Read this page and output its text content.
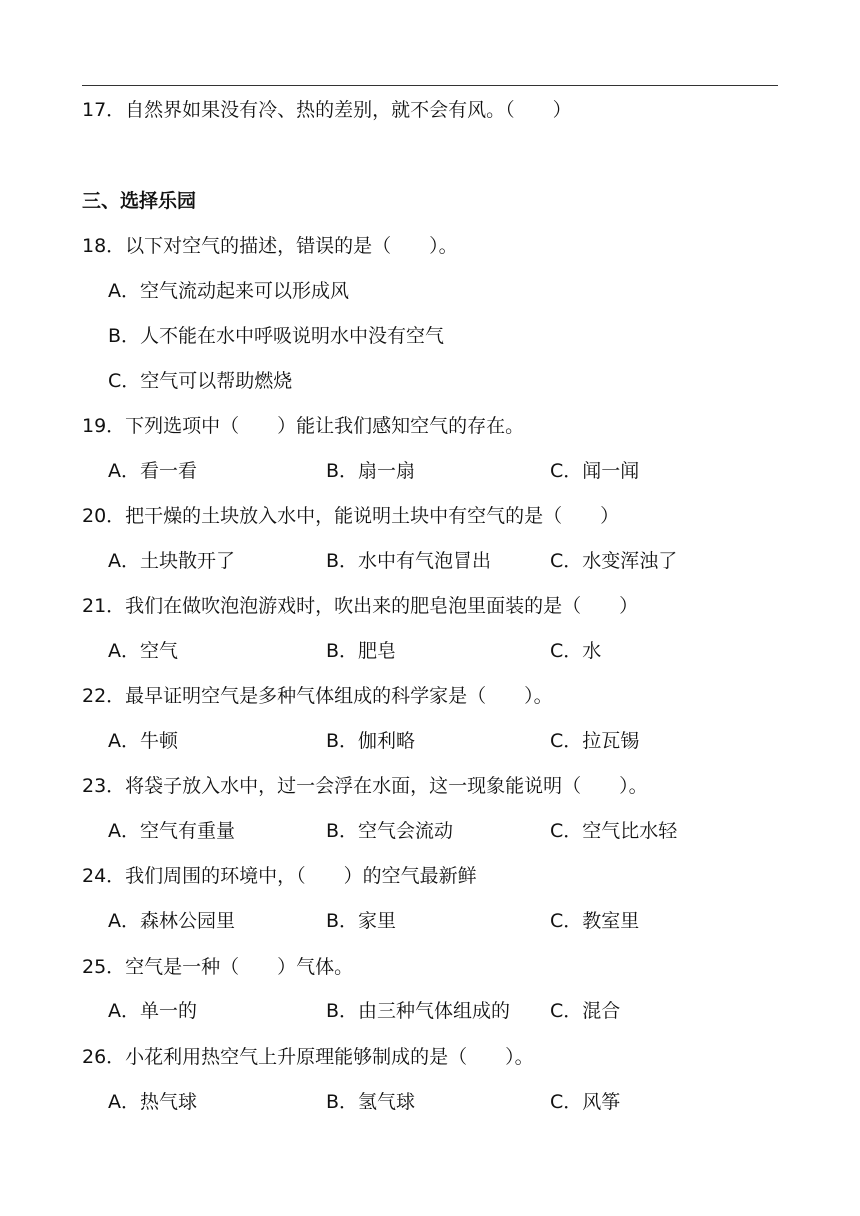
17．自然界如果没有冷、热的差别，就不会有风。（　　）
三、选择乐园
18．以下对空气的描述，错误的是（　　）。
A．空气流动起来可以形成风
B．人不能在水中呼吸说明水中没有空气
C．空气可以帮助燃烧
19．下列选项中（　　）能让我们感知空气的存在。
A．看一看	B．扇一扇	C．闻一闻
20．把干燥的土块放入水中，能说明土块中有空气的是（　　）
A．土块散开了	B．水中有气泡冒出	C．水变浑浊了
21．我们在做吹泡泡游戏时，吹出来的肥皂泡里面装的是（　　）
A．空气	B．肥皂	C．水
22．最早证明空气是多种气体组成的科学家是（　　）。
A．牛顿	B．伽利略	C．拉瓦锡
23．将袋子放入水中，过一会浮在水面，这一现象能说明（　　）。
A．空气有重量	B．空气会流动	C．空气比水轻
24．我们周围的环境中，（　　）的空气最新鲜
A．森林公园里	B．家里	C．教室里
25．空气是一种（　　）气体。
A．单一的	B．由三种气体组成的 C．混合
26．小花利用热空气上升原理能够制成的是（　　）。
A．热气球	B．氢气球	C．风筝
